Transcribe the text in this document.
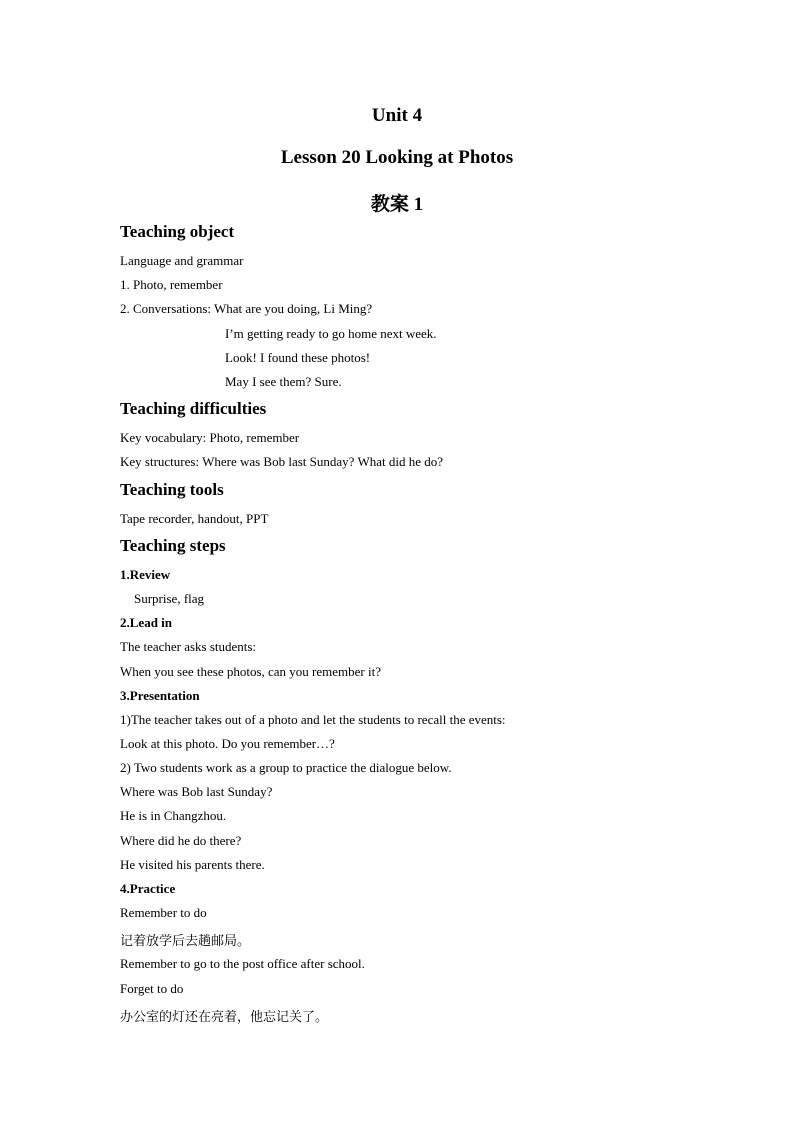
Unit 4
Lesson 20 Looking at Photos
教案 1
Teaching object
Language and grammar
1. Photo, remember
2. Conversations: What are you doing, Li Ming?
I’m getting ready to go home next week.
Look! I found these photos!
May I see them? Sure.
Teaching difficulties
Key vocabulary: Photo, remember
Key structures: Where was Bob last Sunday? What did he do?
Teaching tools
Tape recorder, handout, PPT
Teaching steps
1.Review
Surprise, flag
2.Lead in
The teacher asks students:
When you see these photos, can you remember it?
3.Presentation
1)The teacher takes out of a photo and let the students to recall the events:
Look at this photo. Do you remember…?
2) Two students work as a group to practice the dialogue below.
Where was Bob last Sunday?
He is in Changzhou.
Where did he do there?
He visited his parents there.
4.Practice
Remember to do
记着放学后去趟邮局。
Remember to go to the post office after school.
Forget to do
办公室的灯还在亮着，他忘记关了。
